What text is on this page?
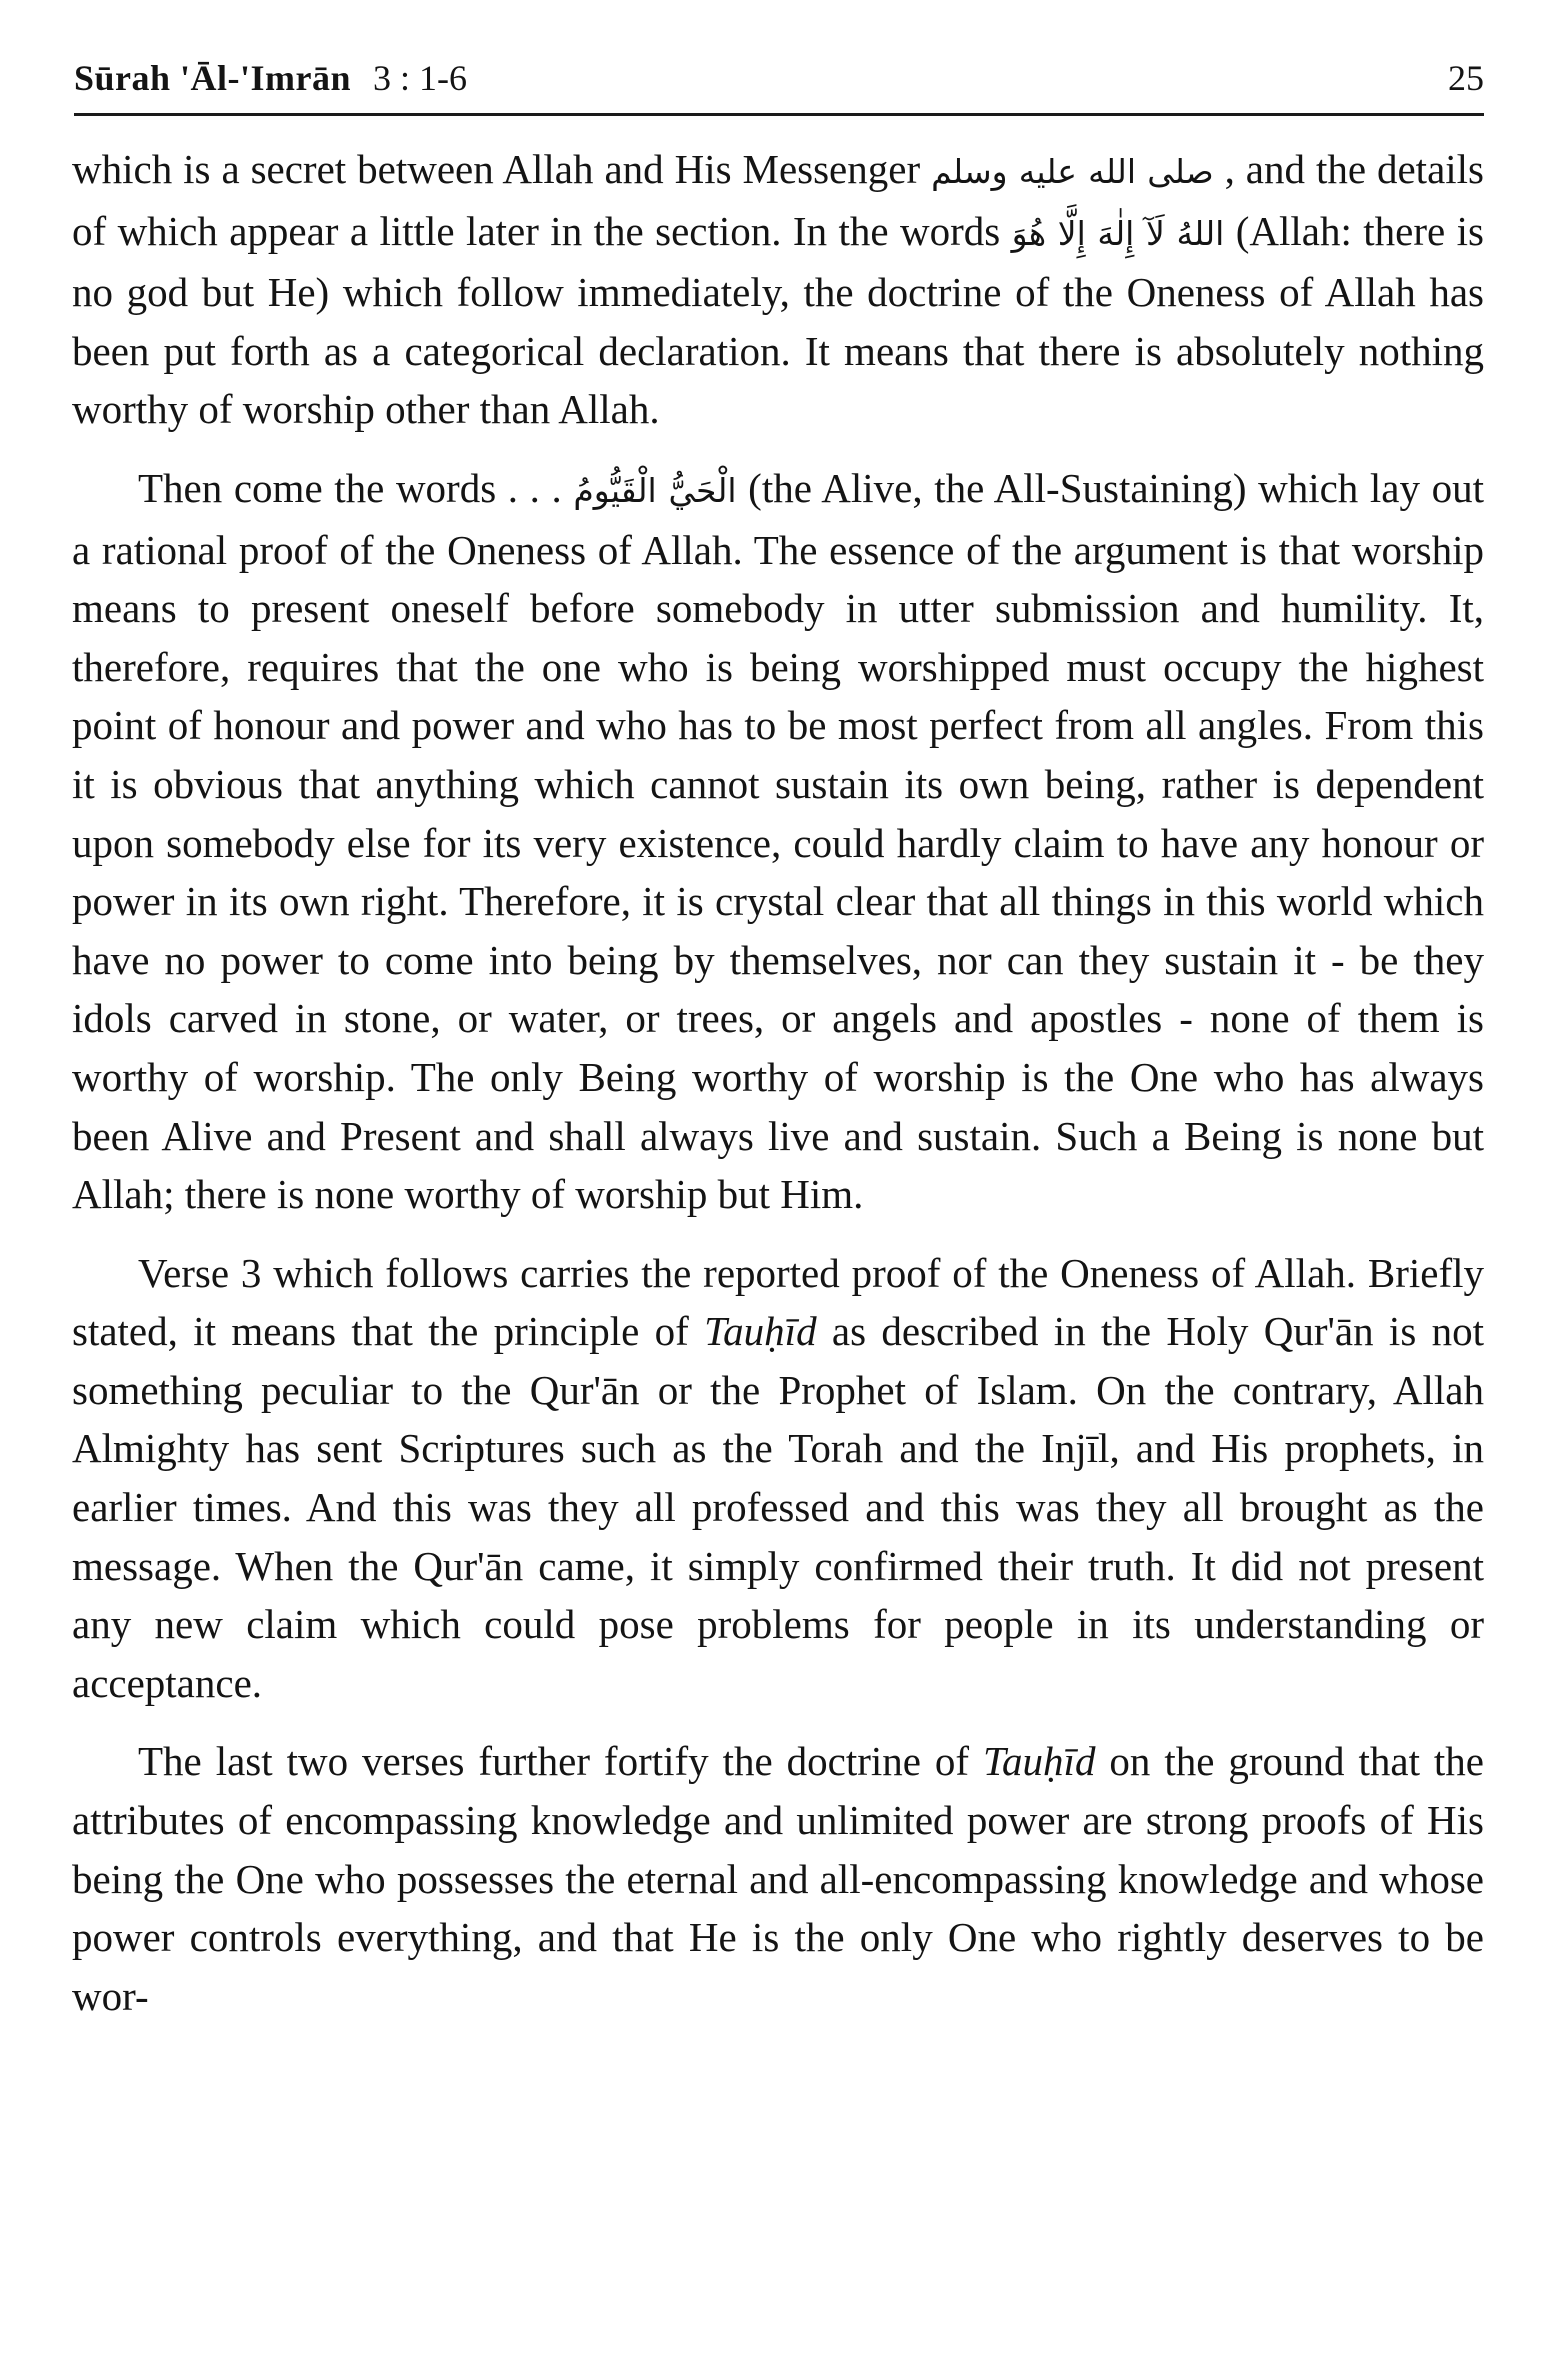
Sūrah 'Āl-'Imrān 3 : 1-6	25

which is a secret between Allah and His Messenger صلى الله عليه وسلم , and the details of which appear a little later in the section. In the words اللهُ لَآ إِلٰهَ إِلَّا هُوَ (Allah: there is no god but He) which follow immediately, the doctrine of the Oneness of Allah has been put forth as a categorical declaration. It means that there is absolutely nothing worthy of worship other than Allah.

Then come the words . . . الْحَيُّ الْقَيُّومُ (the Alive, the All-Sustaining) which lay out a rational proof of the Oneness of Allah. The essence of the argument is that worship means to present oneself before somebody in utter submission and humility. It, therefore, requires that the one who is being worshipped must occupy the highest point of honour and power and who has to be most perfect from all angles. From this it is obvious that anything which cannot sustain its own being, rather is dependent upon somebody else for its very existence, could hardly claim to have any honour or power in its own right. Therefore, it is crystal clear that all things in this world which have no power to come into being by themselves, nor can they sustain it - be they idols carved in stone, or water, or trees, or angels and apostles - none of them is worthy of worship. The only Being worthy of worship is the One who has always been Alive and Present and shall always live and sustain. Such a Being is none but Allah; there is none worthy of worship but Him.

Verse 3 which follows carries the reported proof of the Oneness of Allah. Briefly stated, it means that the principle of Tauḥīd as described in the Holy Qur'ān is not something peculiar to the Qur'ān or the Prophet of Islam. On the contrary, Allah Almighty has sent Scriptures such as the Torah and the Injīl, and His prophets, in earlier times. And this was they all professed and this was they all brought as the message. When the Qur'ān came, it simply confirmed their truth. It did not present any new claim which could pose problems for people in its understanding or acceptance.

The last two verses further fortify the doctrine of Tauḥīd on the ground that the attributes of encompassing knowledge and unlimited power are strong proofs of His being the One who possesses the eternal and all-encompassing knowledge and whose power controls everything, and that He is the only One who rightly deserves to be wor-
